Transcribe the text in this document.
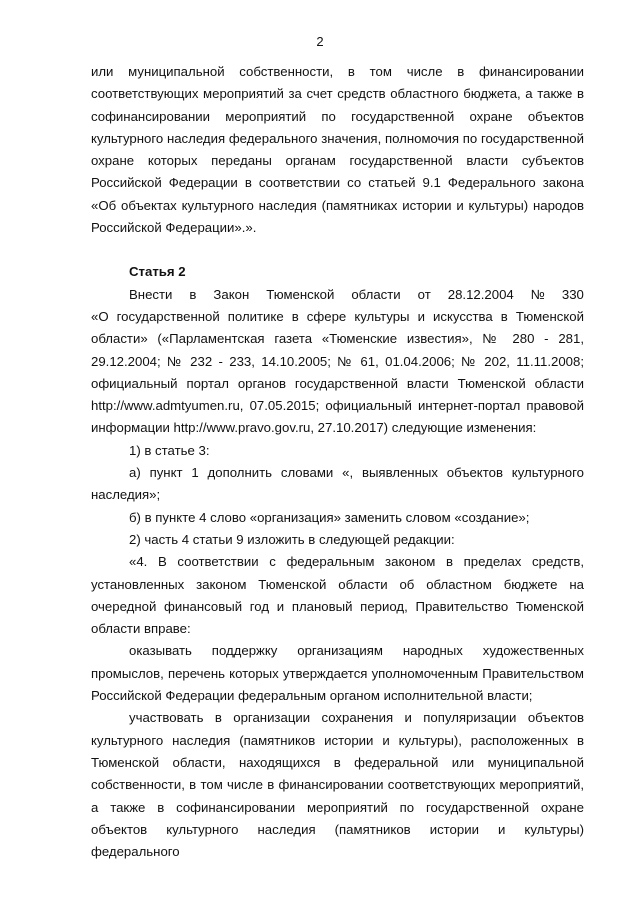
2

или муниципальной собственности, в том числе в финансировании соответствующих мероприятий за счет средств областного бюджета, а также в софинансировании мероприятий по государственной охране объектов культурного наследия федерального значения, полномочия по государственной охране которых переданы органам государственной власти субъектов Российской Федерации в соответствии со статьей 9.1 Федерального закона «Об объектах культурного наследия (памятниках истории и культуры) народов Российской Федерации».».

Статья 2

Внести в Закон Тюменской области от 28.12.2004 № 330

«О государственной политике в сфере культуры и искусства в Тюменской области» («Парламентская газета «Тюменские известия», № 280 - 281, 29.12.2004; № 232 - 233, 14.10.2005; № 61, 01.04.2006; № 202, 11.11.2008; официальный портал органов государственной власти Тюменской области http://www.admtyumen.ru, 07.05.2015; официальный интернет-портал правовой информации http://www.pravo.gov.ru, 27.10.2017) следующие изменения:

1) в статье 3:

а) пункт 1 дополнить словами «, выявленных объектов культурного наследия»;

б) в пункте 4 слово «организация» заменить словом «создание»;

2) часть 4 статьи 9 изложить в следующей редакции:

«4. В соответствии с федеральным законом в пределах средств, установленных законом Тюменской области об областном бюджете на очередной финансовый год и плановый период, Правительство Тюменской области вправе:

оказывать поддержку организациям народных художественных промыслов, перечень которых утверждается уполномоченным Правительством Российской Федерации федеральным органом исполнительной власти;

участвовать в организации сохранения и популяризации объектов культурного наследия (памятников истории и культуры), расположенных в Тюменской области, находящихся в федеральной или муниципальной собственности, в том числе в финансировании соответствующих мероприятий, а также в софинансировании мероприятий по государственной охране объектов культурного наследия (памятников истории и культуры) федерального
